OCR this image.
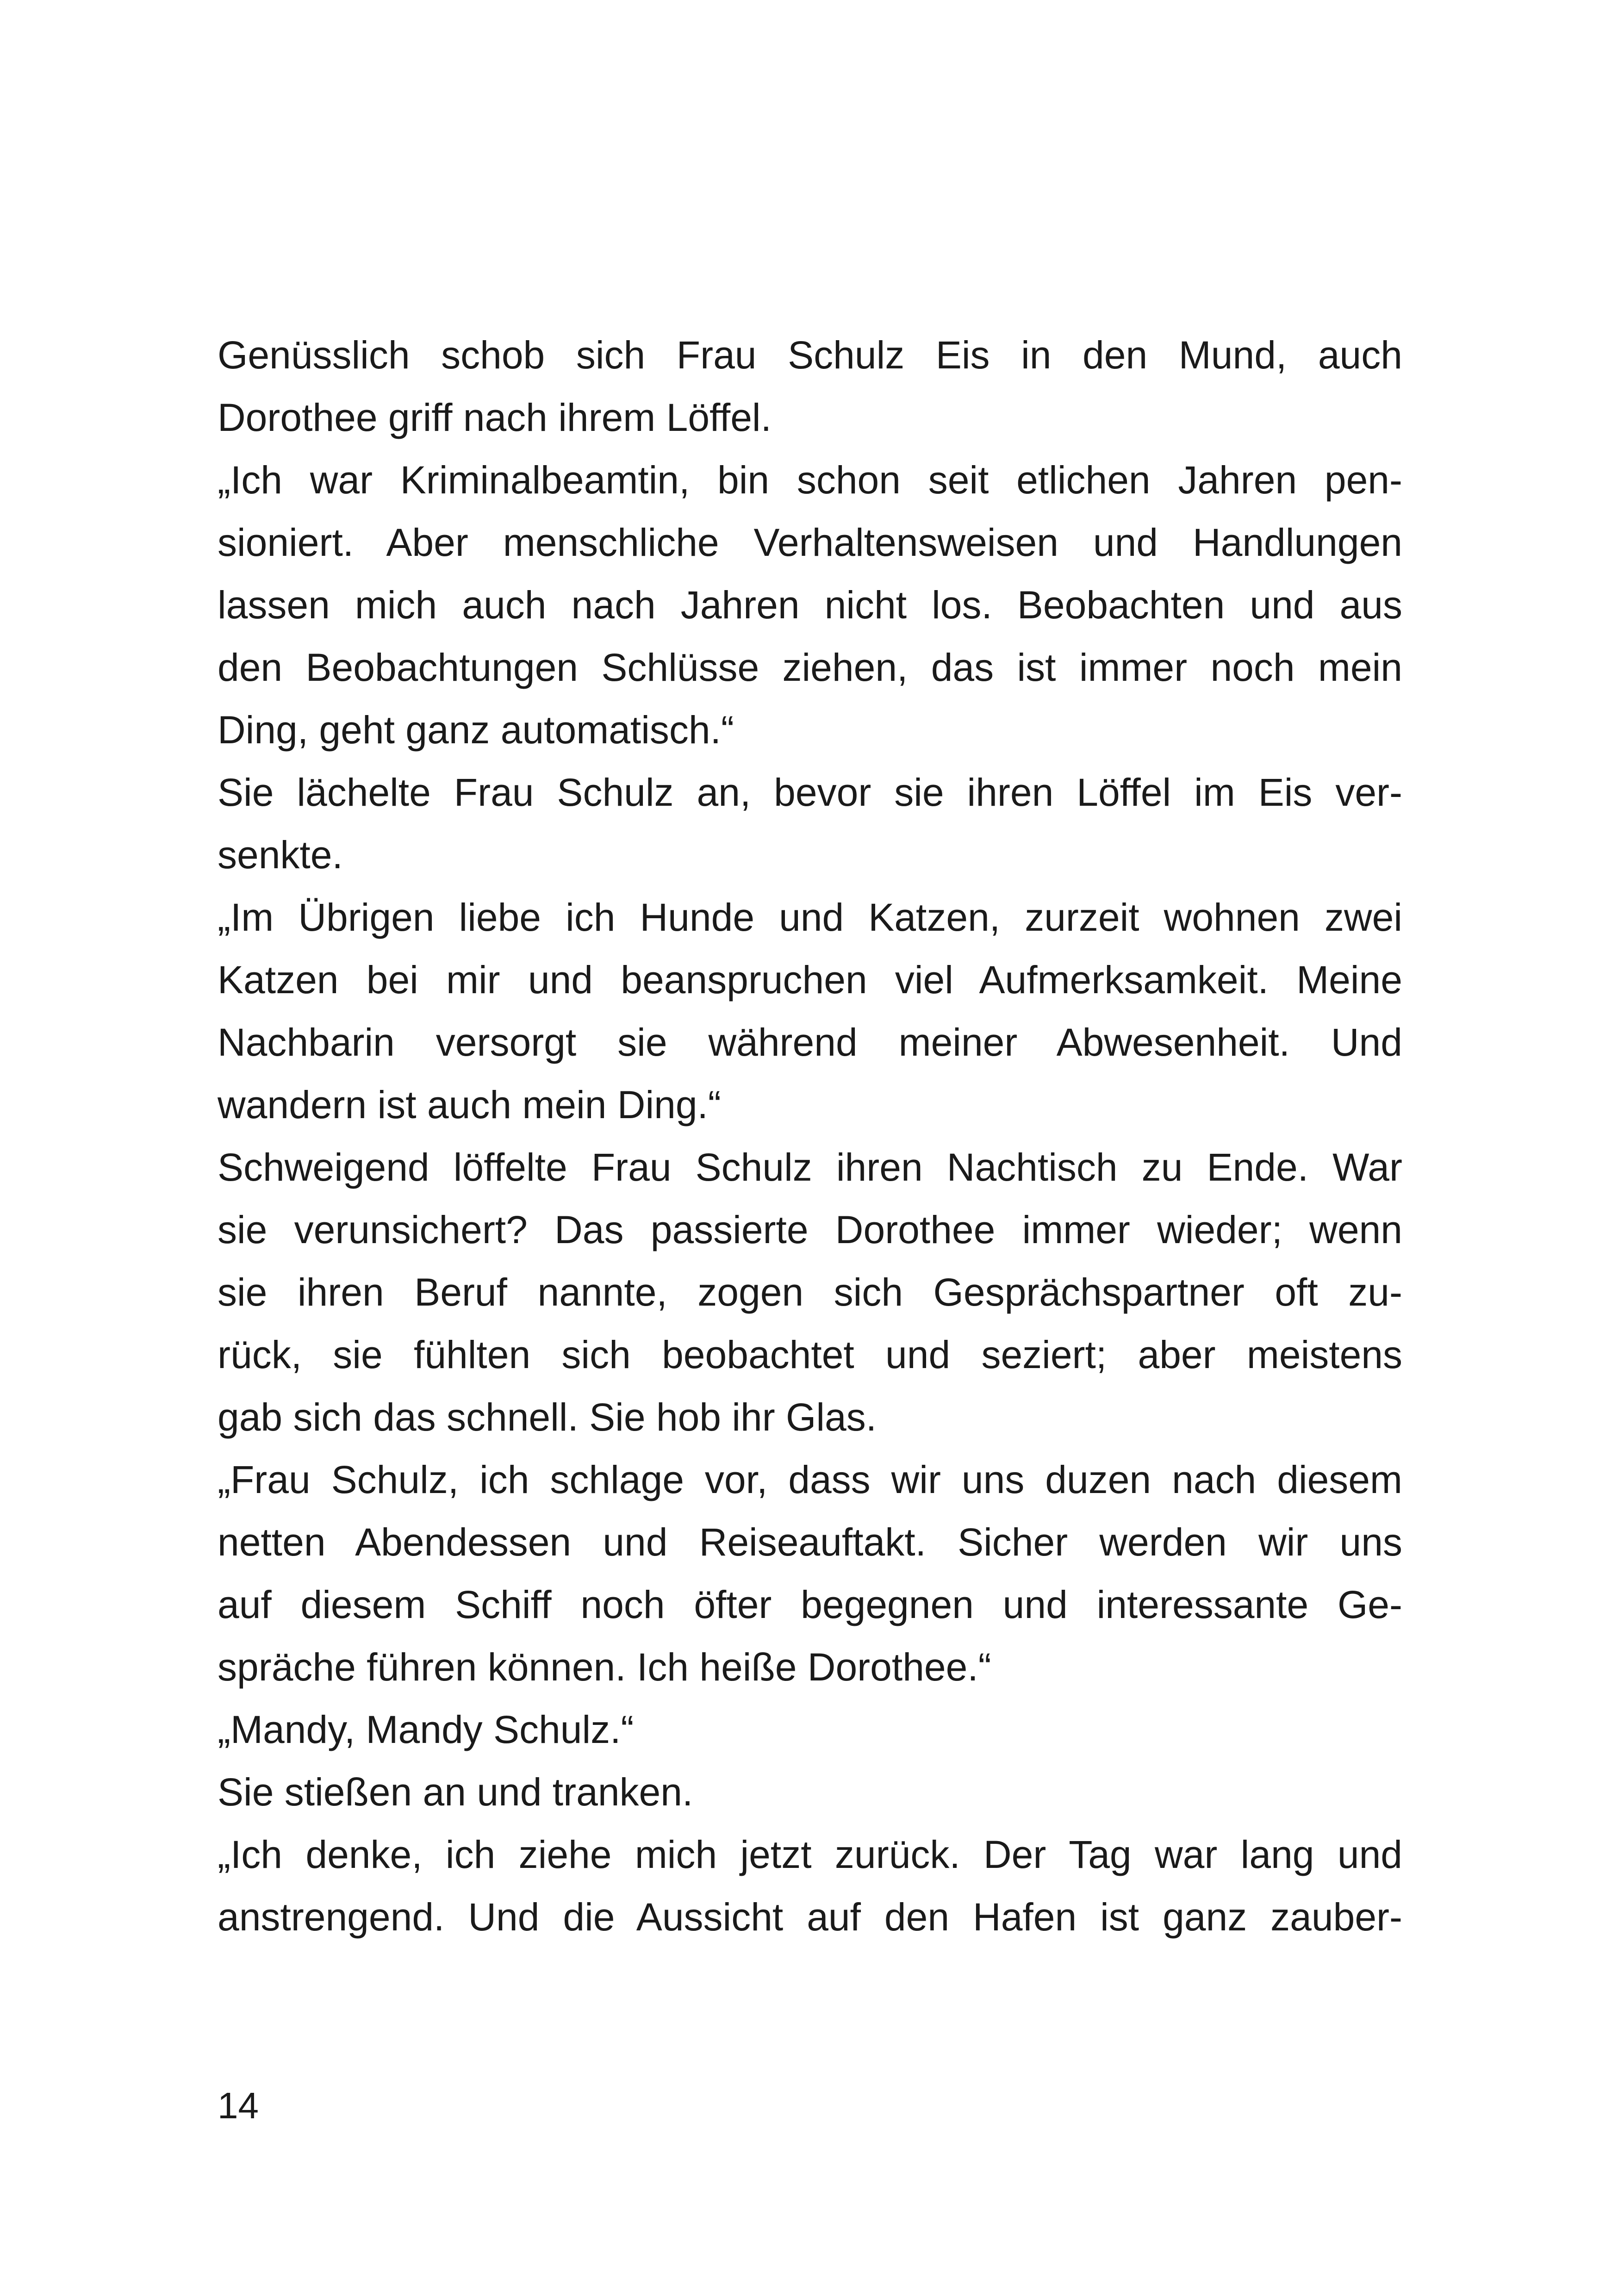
Genüsslich schob sich Frau Schulz Eis in den Mund, auch
Dorothee griff nach ihrem Löffel.
„Ich war Kriminalbeamtin, bin schon seit etlichen Jahren pen-
sioniert. Aber menschliche Verhaltensweisen und Handlungen
lassen mich auch nach Jahren nicht los. Beobachten und aus
den Beobachtungen Schlüsse ziehen, das ist immer noch mein
Ding, geht ganz automatisch.“
Sie lächelte Frau Schulz an, bevor sie ihren Löffel im Eis ver-
senkte.
„Im Übrigen liebe ich Hunde und Katzen, zurzeit wohnen zwei
Katzen bei mir und beanspruchen viel Aufmerksamkeit. Meine
Nachbarin versorgt sie während meiner Abwesenheit. Und
wandern ist auch mein Ding.“
Schweigend löffelte Frau Schulz ihren Nachtisch zu Ende. War
sie verunsichert? Das passierte Dorothee immer wieder; wenn
sie ihren Beruf nannte, zogen sich Gesprächspartner oft zu-
rück, sie fühlten sich beobachtet und seziert; aber meistens
gab sich das schnell. Sie hob ihr Glas.
„Frau Schulz, ich schlage vor, dass wir uns duzen nach diesem
netten Abendessen und Reiseauftakt. Sicher werden wir uns
auf diesem Schiff noch öfter begegnen und interessante Ge-
spräche führen können. Ich heiße Dorothee.“
„Mandy, Mandy Schulz.“
Sie stießen an und tranken.
„Ich denke, ich ziehe mich jetzt zurück. Der Tag war lang und
anstrengend. Und die Aussicht auf den Hafen ist ganz zauber-
14
